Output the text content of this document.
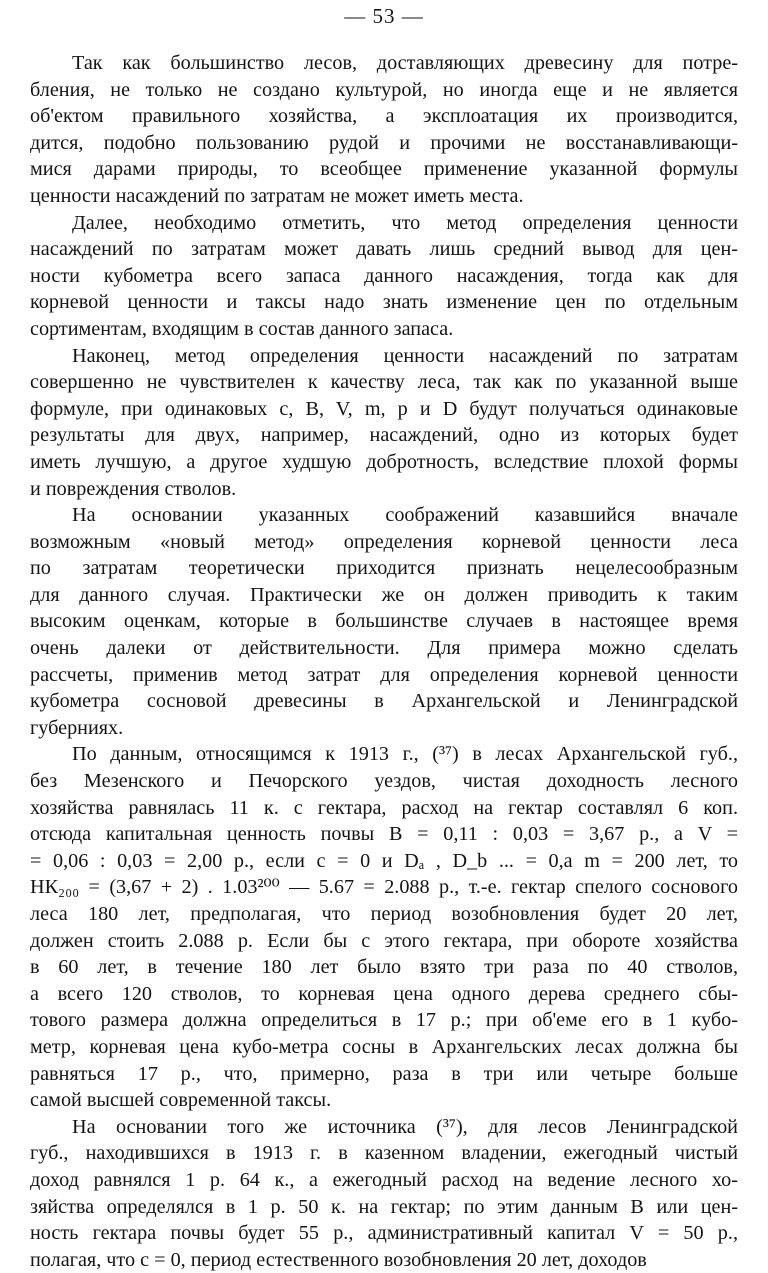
— 53 —
Так как большинство лесов, доставляющих древесину для потре-
бления, не только не создано культурой, но иногда еще и не является
об'ектом правильного хозяйства, а эксплоатация их производится,
дится, подобно пользованию рудой и прочими не восстанавливающи-
мися дарами природы, то всеобщее применение указанной формулы
ценности насаждений по затратам не может иметь места.
Далее, необходимо отметить, что метод определения ценности
насаждений по затратам может давать лишь средний вывод для цен-
ности кубометра всего запаса данного насаждения, тогда как для
корневой ценности и таксы надо знать изменение цен по отдельным
сортиментам, входящим в состав данного запаса.
Наконец, метод определения ценности насаждений по затратам
совершенно не чувствителен к качеству леса, так как по указанной выше
формуле, при одинаковых c, B, V, m, p и D будут получаться одинаковые
результаты для двух, например, насаждений, одно из которых будет
иметь лучшую, а другое худшую добротность, вследствие плохой формы
и повреждения стволов.
На основании указанных соображений казавшийся вначале
возможным «новый метод» определения корневой ценности леса
по затратам теоретически приходится признать нецелесообразным
для данного случая. Практически же он должен приводить к таким
высоким оценкам, которые в большинстве случаев в настоящее время
очень далеки от действительности. Для примера можно сделать
рассчеты, применив метод затрат для определения корневой ценности
кубометра сосновой древесины в Архангельской и Ленинградской
губерниях.
По данным, относящимся к 1913 г., (³⁷) в лесах Архангельской губ.,
без Мезенского и Печорского уездов, чистая доходность лесного
хозяйства равнялась 11 к. с гектара, расход на гектар составлял 6 коп.
отсюда капитальная ценность почвы B = 0,11 : 0,03 = 3,67 р., а V =
= 0,06 : 0,03 = 2,00 р., если c = 0 и Dₐ , D_b ... = 0,a m = 200 лет, то
НК₂₀₀ = (3,67 + 2) . 1.03²⁰⁰ — 5.67 = 2.088 р., т.-е. гектар спелого соснового
леса 180 лет, предполагая, что период возобновления будет 20 лет,
должен стоить 2.088 р. Если бы с этого гектара, при обороте хозяйства
в 60 лет, в течение 180 лет было взято три раза по 40 стволов,
а всего 120 стволов, то корневая цена одного дерева среднего сбы-
тового размера должна определиться в 17 р.; при об'еме его в 1 кубо-
метр, корневая цена кубо-метра сосны в Архангельских лесах должна бы
равняться 17 р., что, примерно, раза в три или четыре больше
самой высшей современной таксы.
На основании того же источника (³⁷), для лесов Ленинградской
губ., находившихся в 1913 г. в казенном владении, ежегодный чистый
доход равнялся 1 р. 64 к., а ежегодный расход на ведение лесного хо-
зяйства определялся в 1 р. 50 к. на гектар; по этим данным B или цен-
ность гектара почвы будет 55 р., административный капитал V = 50 р.,
полагая, что c = 0, период естественного возобновления 20 лет, доходов
